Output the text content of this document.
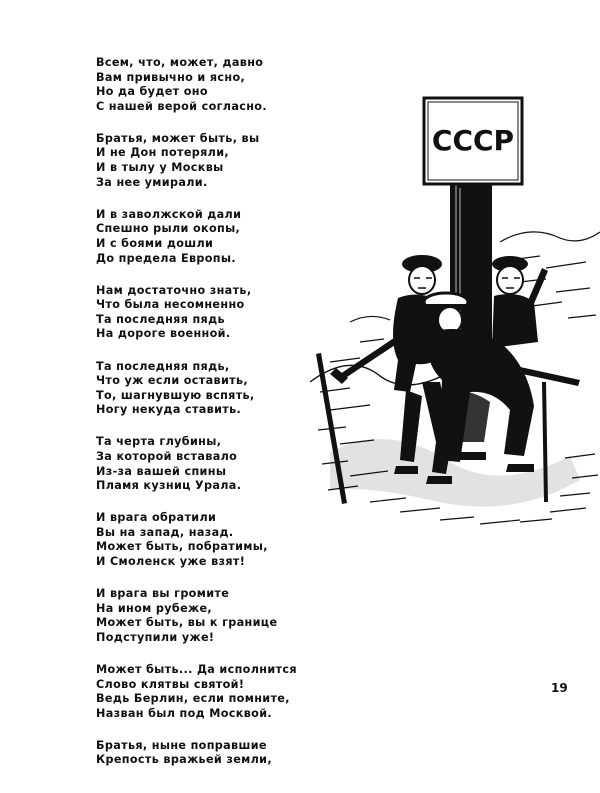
Всем, что, может, давно
Вам привычно и ясно,
Но да будет оно
С нашей верой согласно.
Братья, может быть, вы
И не Дон потеряли,
И в тылу у Москвы
За нее умирали.
И в заволжской дали
Спешно рыли окопы,
И с боями дошли
До предела Европы.
Нам достаточно знать,
Что была несомненно
Та последняя пядь
На дороге военной.
Та последняя пядь,
Что уж если оставить,
То, шагнувшую вспять,
Ногу некуда ставить.
Та черта глубины,
За которой вставало
Из-за вашей спины
Пламя кузниц Урала.
И врага обратили
Вы на запад, назад.
Может быть, побратимы,
И Смоленск уже взят!
И врага вы громите
На ином рубеже,
Может быть, вы к границе
Подступили уже!
Может быть... Да исполнится
Слово клятвы святой!
Ведь Берлин, если помните,
Назван был под Москвой.
Братья, ныне поправшие
Крепость вражьей земли,
СССР
19
